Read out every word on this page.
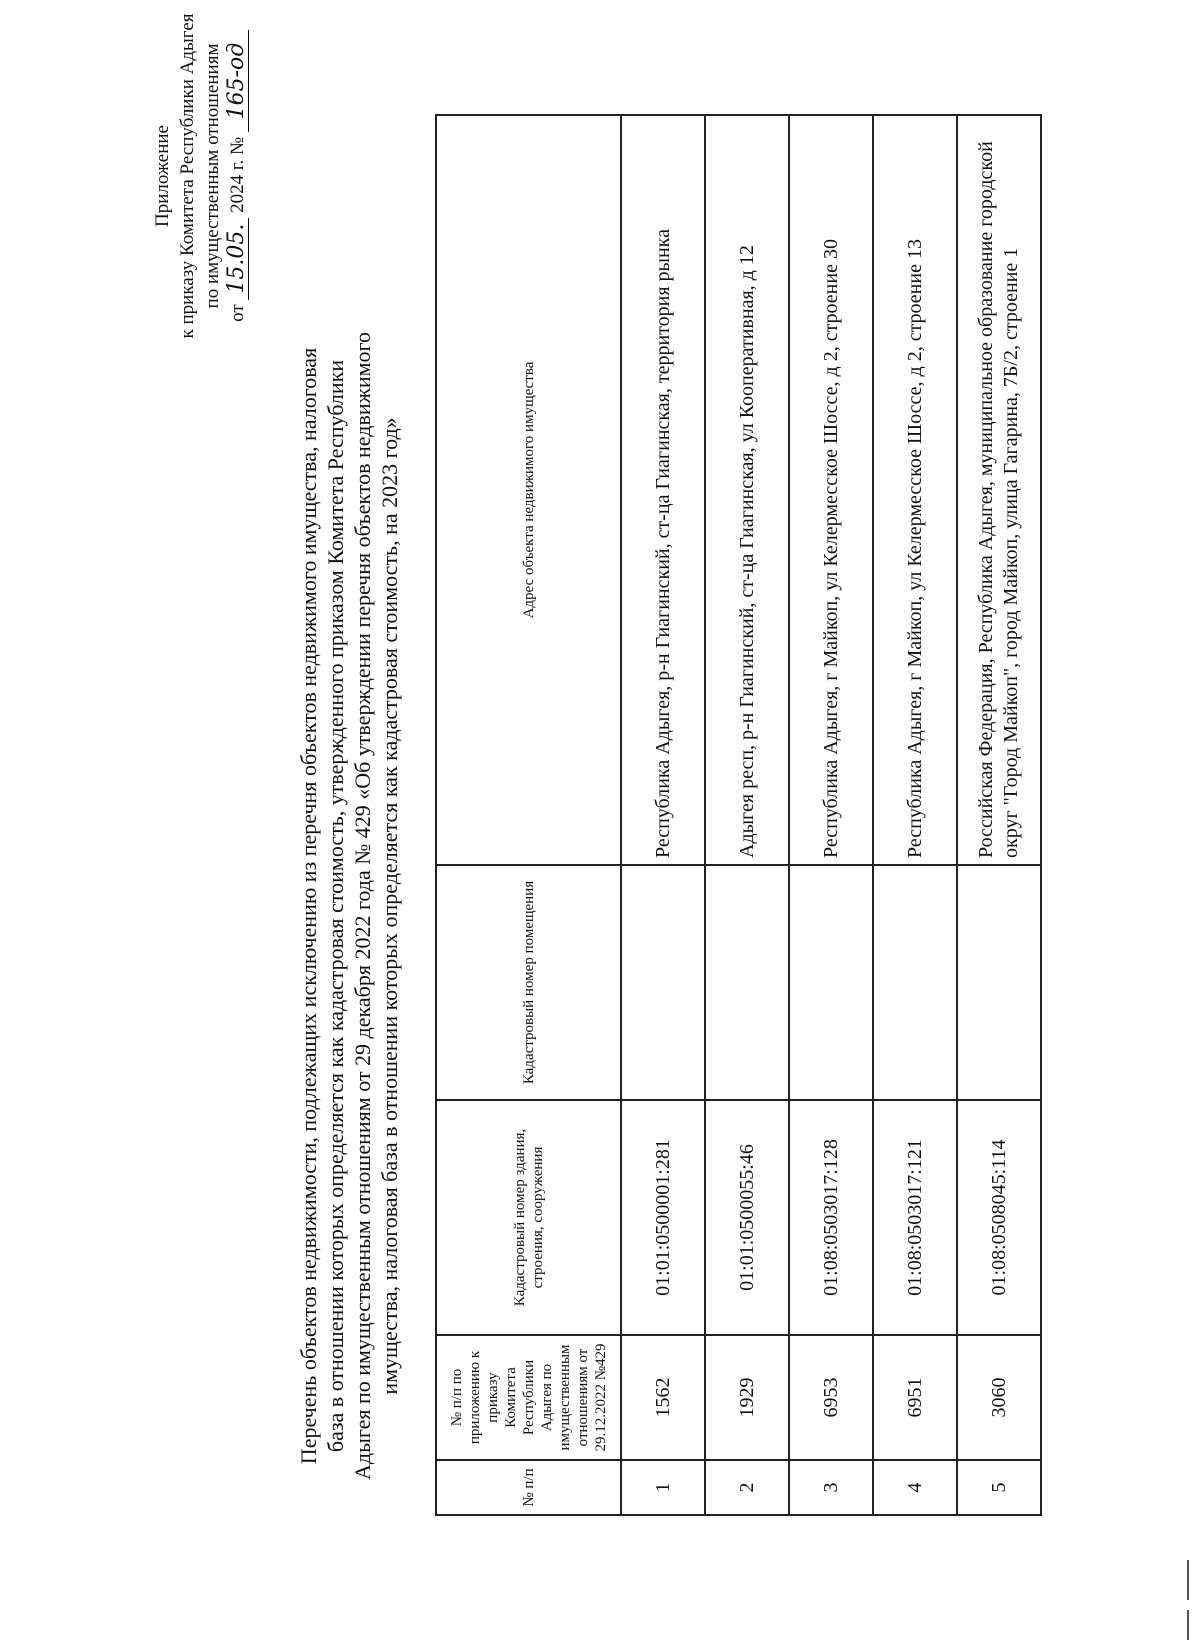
Приложение к приказу Комитета Республики Адыгея по имущественным отношениям
от 15.05. 2024 г. № 165-од
Перечень объектов недвижимости, подлежащих исключению из перечня объектов недвижимого имущества, налоговая база в отношении которых определяется как кадастровая стоимость, утвержденного приказом Комитета Республики Адыгея по имущественным отношениям от 29 декабря 2022 года № 429 «Об утверждении перечня объектов недвижимого имущества, налоговая база в отношении которых определяется как кадастровая стоимость, на 2023 год»
№ п/п	№ п/п по приложению к приказу Комитета Республики Адыгея по имущественным отношениям от 29.12.2022 №429	Кадастровый номер здания, строения, сооружения	Кадастровый номер помещения	Адрес объекта недвижимого имущества
1	1562	01:01:0500001:281		Республика Адыгея, р-н Гиагинский, ст-ца Гиагинская, территория рынка
2	1929	01:01:0500055:46		Адыгея респ, р-н Гиагинский, ст-ца Гиагинская, ул Кооперативная, д 12
3	6953	01:08:0503017:128		Республика Адыгея, г Майкоп, ул Келермесское Шоссе, д 2, строение 30
4	6951	01:08:0503017:121		Республика Адыгея, г Майкоп, ул Келермесское Шоссе, д 2, строение 13
5	3060	01:08:0508045:114		Российская Федерация, Республика Адыгея, муниципальное образование городской округ "Город Майкоп", город Майкоп, улица Гагарина, 7Б/2, строение 1
